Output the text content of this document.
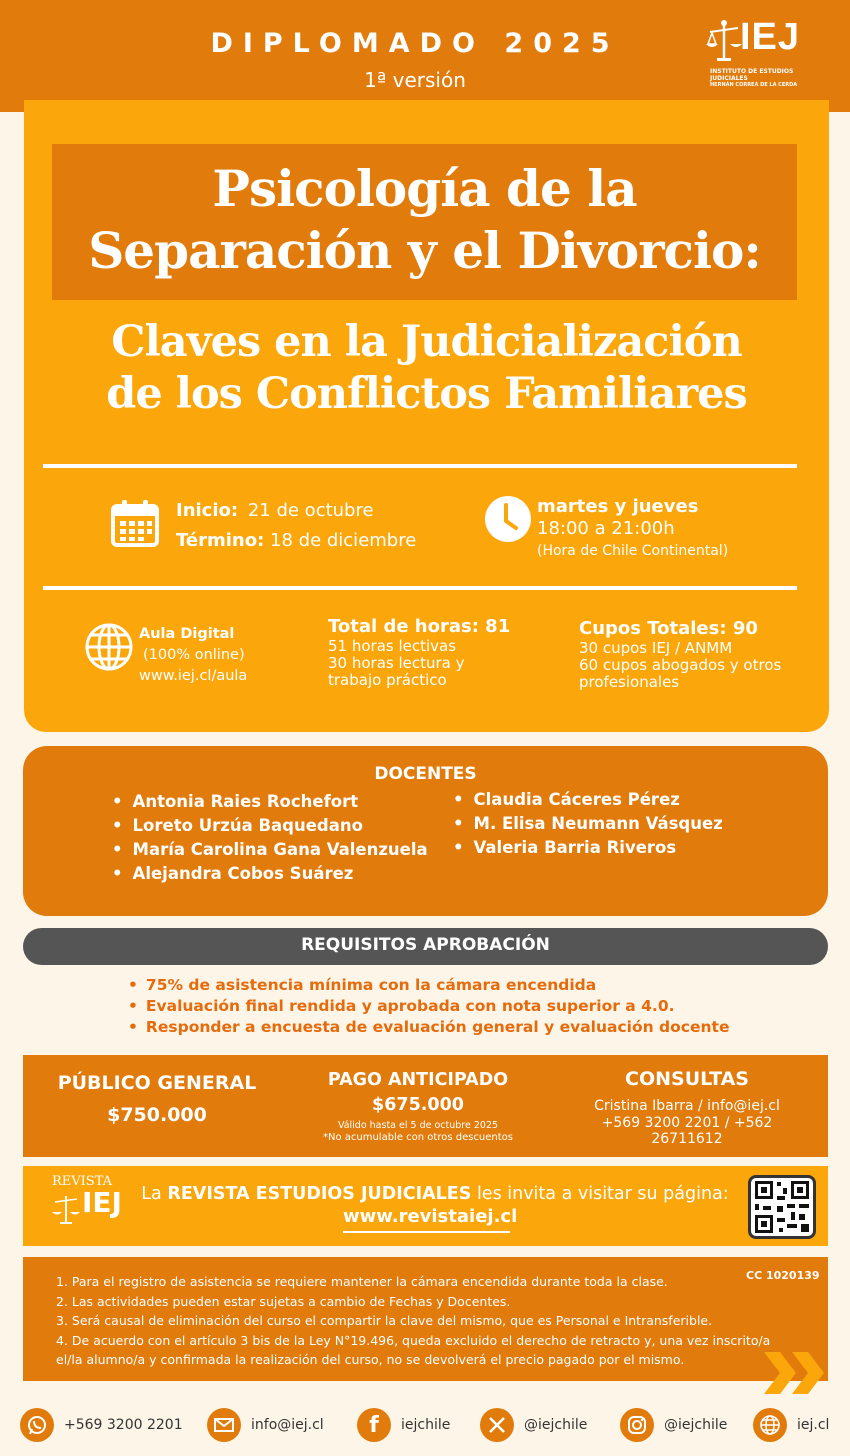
DIPLOMADO 2025
1ª versión
IEJ
INSTITUTO DE ESTUDIOS JUDICIALES
HERNÁN CORREA DE LA CERDA
Psicología de la
Separación y el Divorcio:
Claves en la Judicialización
de los Conflictos Familiares
Inicio: 21 de octubre
Término: 18 de diciembre
martes y jueves
18:00 a 21:00h
(Hora de Chile Continental)
Aula Digital
(100% online)
www.iej.cl/aula
Total de horas: 81
51 horas lectivas
30 horas lectura y
trabajo práctico
Cupos Totales: 90
30 cupos IEJ / ANMM
60 cupos abogados y otros
profesionales
DOCENTES
• Antonia Raies Rochefort
• Loreto Urzúa Baquedano
• María Carolina Gana Valenzuela
• Alejandra Cobos Suárez
• Claudia Cáceres Pérez
• M. Elisa Neumann Vásquez
• Valeria Barria Riveros
REQUISITOS APROBACIÓN
• 75% de asistencia mínima con la cámara encendida
• Evaluación final rendida y aprobada con nota superior a 4.0.
• Responder a encuesta de evaluación general y evaluación docente
PÚBLICO GENERAL
$750.000
PAGO ANTICIPADO
$675.000
Válido hasta el 5 de octubre 2025
*No acumulable con otros descuentos
CONSULTAS
Cristina Ibarra / info@iej.cl
+569 3200 2201 / +562 26711612
REVISTA
IEJ	La REVISTA ESTUDIOS JUDICIALES les invita a visitar su página:
www.revistaiej.cl
CC 1020139
1. Para el registro de asistencia se requiere mantener la cámara encendida durante toda la clase.
2. Las actividades pueden estar sujetas a cambio de Fechas y Docentes.
3. Será causal de eliminación del curso el compartir la clave del mismo, que es Personal e Intransferible.
4. De acuerdo con el artículo 3 bis de la Ley N°19.496, queda excluido el derecho de retracto y, una vez inscrito/a
el/la alumno/a y confirmada la realización del curso, no se devolverá el precio pagado por el mismo.
+569 3200 2201	info@iej.cl	f	iejchile	@iejchile	@iejchile	iej.cl
